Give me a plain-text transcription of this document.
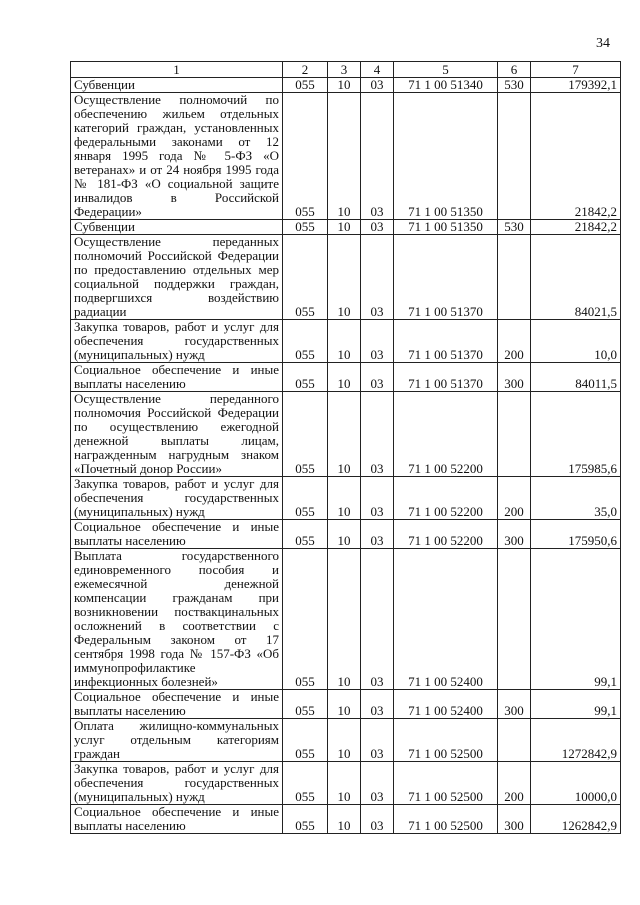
34
1	2	3	4	5	6	7
Субвенции	055	10	03	71 1 00 51340	530	179392,1
Осуществление полномочий по обеспечению жильем отдельных категорий граждан, установленных федеральными законами от 12 января 1995 года № 5-ФЗ «О ветеранах» и от 24 ноября 1995 года № 181-ФЗ «О социальной защите инвалидов в Российской Федерации»	055	10	03	71 1 00 51350		21842,2
Субвенции	055	10	03	71 1 00 51350	530	21842,2
Осуществление переданных полномочий Российской Федерации по предоставлению отдельных мер социальной поддержки граждан, подвергшихся воздействию радиации	055	10	03	71 1 00 51370		84021,5
Закупка товаров, работ и услуг для обеспечения государственных (муниципальных) нужд	055	10	03	71 1 00 51370	200	10,0
Социальное обеспечение и иные выплаты населению	055	10	03	71 1 00 51370	300	84011,5
Осуществление переданного полномочия Российской Федерации по осуществлению ежегодной денежной выплаты лицам, награжденным нагрудным знаком «Почетный донор России»	055	10	03	71 1 00 52200		175985,6
Закупка товаров, работ и услуг для обеспечения государственных (муниципальных) нужд	055	10	03	71 1 00 52200	200	35,0
Социальное обеспечение и иные выплаты населению	055	10	03	71 1 00 52200	300	175950,6
Выплата государственного единовременного пособия и ежемесячной денежной компенсации гражданам при возникновении поствакцинальных осложнений в соответствии с Федеральным законом от 17 сентября 1998 года № 157-ФЗ «Об иммунопрофилактике инфекционных болезней»	055	10	03	71 1 00 52400		99,1
Социальное обеспечение и иные выплаты населению	055	10	03	71 1 00 52400	300	99,1
Оплата жилищно-коммунальных услуг отдельным категориям граждан	055	10	03	71 1 00 52500		1272842,9
Закупка товаров, работ и услуг для обеспечения государственных (муниципальных) нужд	055	10	03	71 1 00 52500	200	10000,0
Социальное обеспечение и иные выплаты населению	055	10	03	71 1 00 52500	300	1262842,9
